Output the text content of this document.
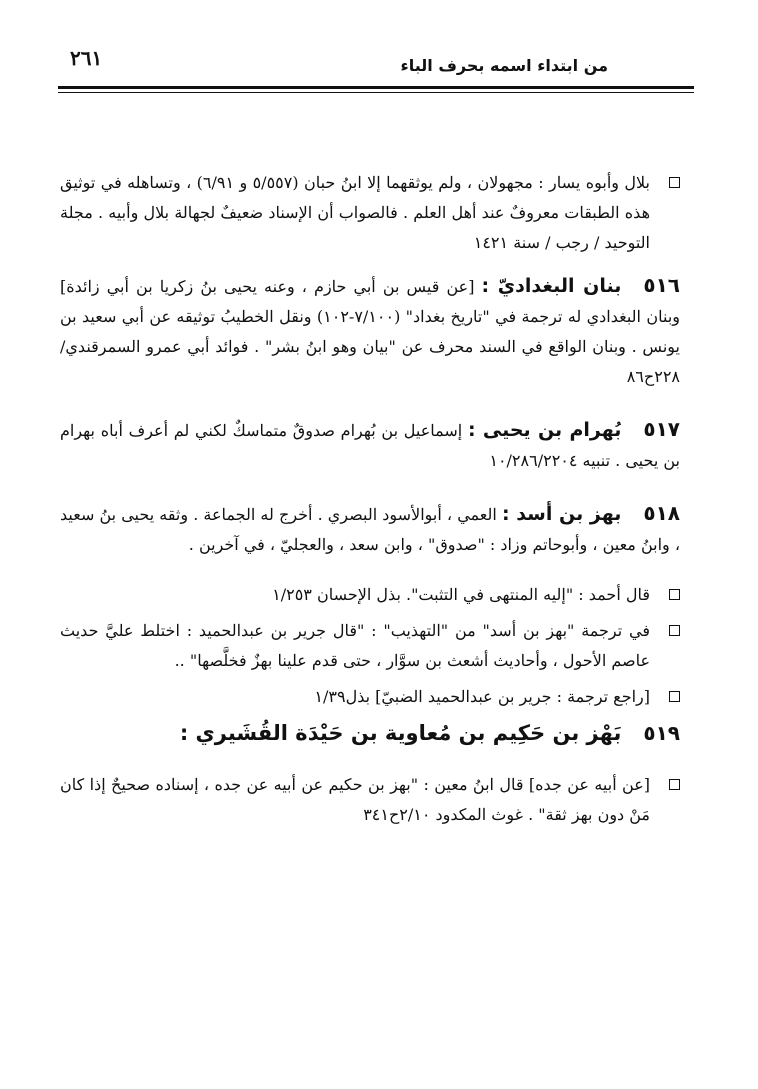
من ابتداء اسمه بحرف الباء
٢٦١

بلال وأبوه يسار : مجهولان ، ولم يوثقهما إلا ابنُ حبان (٥/٥٥٧ و ٦/٩١) ، وتساهله في توثيق هذه الطبقات معروفٌ عند أهل العلم . فالصواب أن الإسناد ضعيفٌ لجهالة بلال وأبيه . مجلة التوحيد / رجب / سنة ١٤٢١

٥١٦بنان البغداديّ : [عن قيس بن أبي حازم ، وعنه يحيى بنُ زكريا بن أبي زائدة] وبنان البغدادي له ترجمة في "تاريخ بغداد" (٧/١٠٠-١٠٢) ونقل الخطيبُ توثيقه عن أبي سعيد بن يونس . وبنان الواقع في السند محرف عن "بيان وهو ابنُ بشر" . فوائد أبي عمرو السمرقندي/٢٢٨ح٨٦

٥١٧بُهرام بن يحيى : إسماعيل بن بُهرام صدوقٌ متماسكٌ لكني لم أعرف أباه بهرام بن يحيى . تنبيه ١٠/٢٨٦/٢٢٠٤

٥١٨بهز بن أسد : العمي ، أبوالأسود البصري . أخرج له الجماعة . وثقه يحيى بنُ سعيد ، وابنُ معين ، وأبوحاتم وزاد : "صدوق" ، وابن سعد ، والعجليّ ، في آخرين .

قال أحمد : "إليه المنتهى في التثبت". بذل الإحسان ١/٢٥٣

في ترجمة "بهز بن أسد" من "التهذيب" : "قال جرير بن عبدالحميد : اختلط عليَّ حديث عاصم الأحول ، وأحاديث أشعث بن سوَّار ، حتى قدم علينا بهزٌ فخلَّصها" ..

[راجع ترجمة : جرير بن عبدالحميد الضبيّ] بذل١/٣٩

٥١٩بَهْز بن حَكِيم بن مُعاوية بن حَيْدَة القُشَيري :

[عن أبيه عن جده] قال ابنُ معين : "بهز بن حكيم عن أبيه عن جده ، إسناده صحيحٌ إذا كان مَنْ دون بهز ثقة" . غوث المكدود ٢/١٠ح٣٤١
